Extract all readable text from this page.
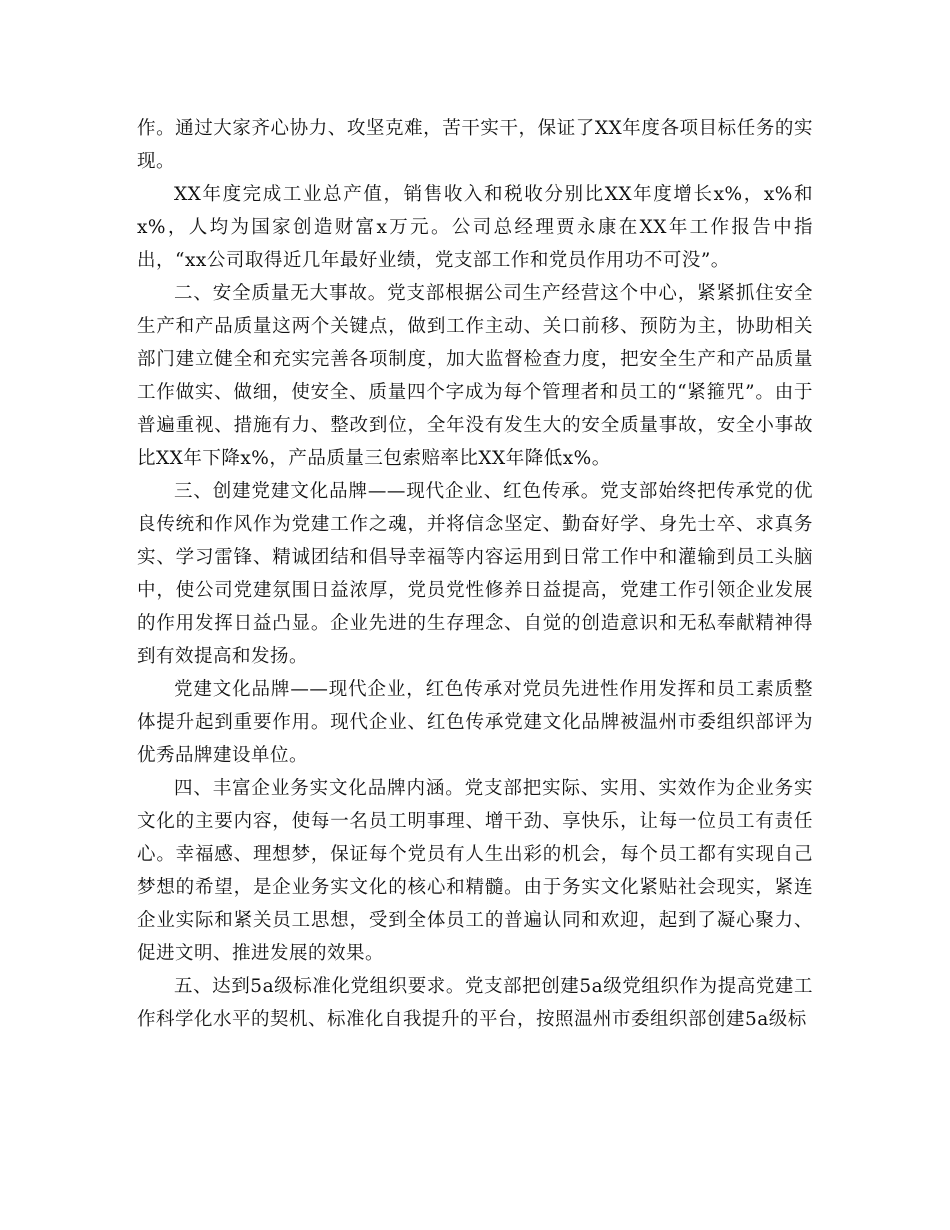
作。通过大家齐心协力、攻坚克难，苦干实干，保证了XX年度各项目标任务的实现。

XX年度完成工业总产值，销售收入和税收分别比XX年度增长x%，x%和x%，人均为国家创造财富x万元。公司总经理贾永康在XX年工作报告中指出，“xx公司取得近几年最好业绩，党支部工作和党员作用功不可没”。

二、安全质量无大事故。党支部根据公司生产经营这个中心，紧紧抓住安全生产和产品质量这两个关键点，做到工作主动、关口前移、预防为主，协助相关部门建立健全和充实完善各项制度，加大监督检查力度，把安全生产和产品质量工作做实、做细，使安全、质量四个字成为每个管理者和员工的“紧箍咒”。由于普遍重视、措施有力、整改到位，全年没有发生大的安全质量事故，安全小事故比XX年下降x%，产品质量三包索赔率比XX年降低x%。

三、创建党建文化品牌——现代企业、红色传承。党支部始终把传承党的优良传统和作风作为党建工作之魂，并将信念坚定、勤奋好学、身先士卒、求真务实、学习雷锋、精诚团结和倡导幸福等内容运用到日常工作中和灌输到员工头脑中，使公司党建氛围日益浓厚，党员党性修养日益提高，党建工作引领企业发展的作用发挥日益凸显。企业先进的生存理念、自觉的创造意识和无私奉献精神得到有效提高和发扬。

党建文化品牌——现代企业，红色传承对党员先进性作用发挥和员工素质整体提升起到重要作用。现代企业、红色传承党建文化品牌被温州市委组织部评为优秀品牌建设单位。

四、丰富企业务实文化品牌内涵。党支部把实际、实用、实效作为企业务实文化的主要内容，使每一名员工明事理、增干劲、享快乐，让每一位员工有责任心。幸福感、理想梦，保证每个党员有人生出彩的机会，每个员工都有实现自己梦想的希望，是企业务实文化的核心和精髓。由于务实文化紧贴社会现实，紧连企业实际和紧关员工思想，受到全体员工的普遍认同和欢迎，起到了凝心聚力、促进文明、推进发展的效果。

五、达到5a级标准化党组织要求。党支部把创建5a级党组织作为提高党建工作科学化水平的契机、标准化自我提升的平台，按照温州市委组织部创建5a级标
